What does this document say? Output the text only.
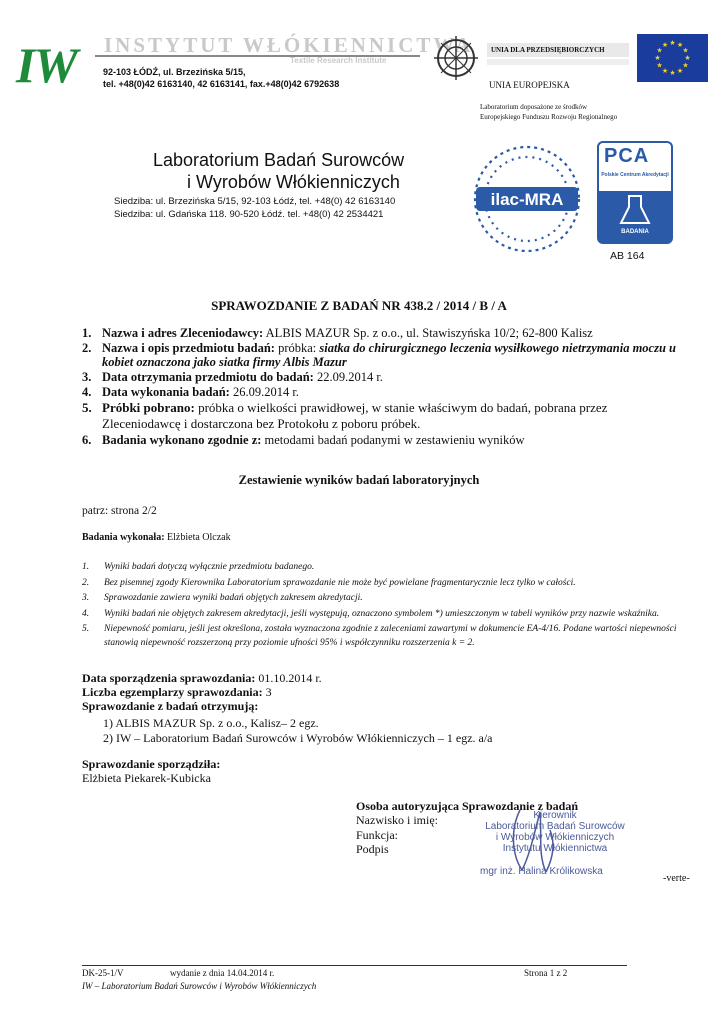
IW INSTYTUT WŁÓKIENNICTWA
Textile Research Institute
92-103 ŁÓDŹ, ul. Brzezińska 5/15,
tel. +48(0)42 6163140, 42 6163141, fax.+48(0)42 6792638
UNIA DLA PRZEDSIĘBIORCZYCH
UNIA EUROPEJSKA
★ ★
★
★
★
★
★
★
★
★
★
★
Laboratorium doposażone ze środków
Europejskiego Funduszu Rozwoju Regionalnego
Laboratorium Badań Surowców
i Wyrobów Włókienniczych
Siedziba: ul. Brzezińska 5/15, 92-103 Łódź, tel. +48(0) 42 6163140
Siedziba: ul. Gdańska 118. 90-520 Łódź. tel. +48(0) 42 2534421
ilac-MRA
PCA
Polskie Centrum Akredytacji
BADANIA
AB 164
SPRAWOZDANIE Z BADAŃ NR 438.2 / 2014 / B / A
1. Nazwa i adres Zleceniodawcy: ALBIS MAZUR Sp. z o.o., ul. Stawiszyńska 10/2; 62-800 Kalisz
2. Nazwa i opis przedmiotu badań: próbka: siatka do chirurgicznego leczenia wysiłkowego nietrzymania moczu u kobiet oznaczona jako siatka firmy Albis Mazur
3. Data otrzymania przedmiotu do badań: 22.09.2014 r.
4. Data wykonania badań: 26.09.2014 r.
5. Próbki pobrano: próbka o wielkości prawidłowej, w stanie właściwym do badań, pobrana przez Zleceniodawcę i dostarczona bez Protokołu z poboru próbek.
6. Badania wykonano zgodnie z: metodami badań podanymi w zestawieniu wyników
Zestawienie wyników badań laboratoryjnych
patrz: strona 2/2
Badania wykonała: Elżbieta Olczak
1. Wyniki badań dotyczą wyłącznie przedmiotu badanego.
2. Bez pisemnej zgody Kierownika Laboratorium sprawozdanie nie może być powielane fragmentarycznie lecz tylko w całości.
3. Sprawozdanie zawiera wyniki badań objętych zakresem akredytacji.
4. Wyniki badań nie objętych zakresem akredytacji, jeśli występują, oznaczono symbolem *) umieszczonym w tabeli wyników przy nazwie wskaźnika.
5. Niepewność pomiaru, jeśli jest określona, została wyznaczona zgodnie z zaleceniami zawartymi w dokumencie EA-4/16. Podane wartości niepewności stanowią niepewność rozszerzoną przy poziomie ufności 95% i współczynniku rozszerzenia k = 2.
Data sporządzenia sprawozdania: 01.10.2014 r.
Liczba egzemplarzy sprawozdania: 3
Sprawozdanie z badań otrzymują:
1) ALBIS MAZUR Sp. z o.o., Kalisz– 2 egz.
2) IW – Laboratorium Badań Surowców i Wyrobów Włókienniczych – 1 egz. a/a
Sprawozdanie sporządziła:
Elżbieta Piekarek-Kubicka
Osoba autoryzująca Sprawozdanie z badań
Nazwisko i imię:
Funkcja:
Podpis
Kierownik
Laboratorium Badań Surowców
i Wyrobów Włókienniczych
Instytutu Włókiennictwa
mgr inż. Halina Królikowska
-verte-
DK-25-1/V	wydanie z dnia 14.04.2014 r.	Strona 1 z 2
IW – Laboratorium Badań Surowców i Wyrobów Włókienniczych
